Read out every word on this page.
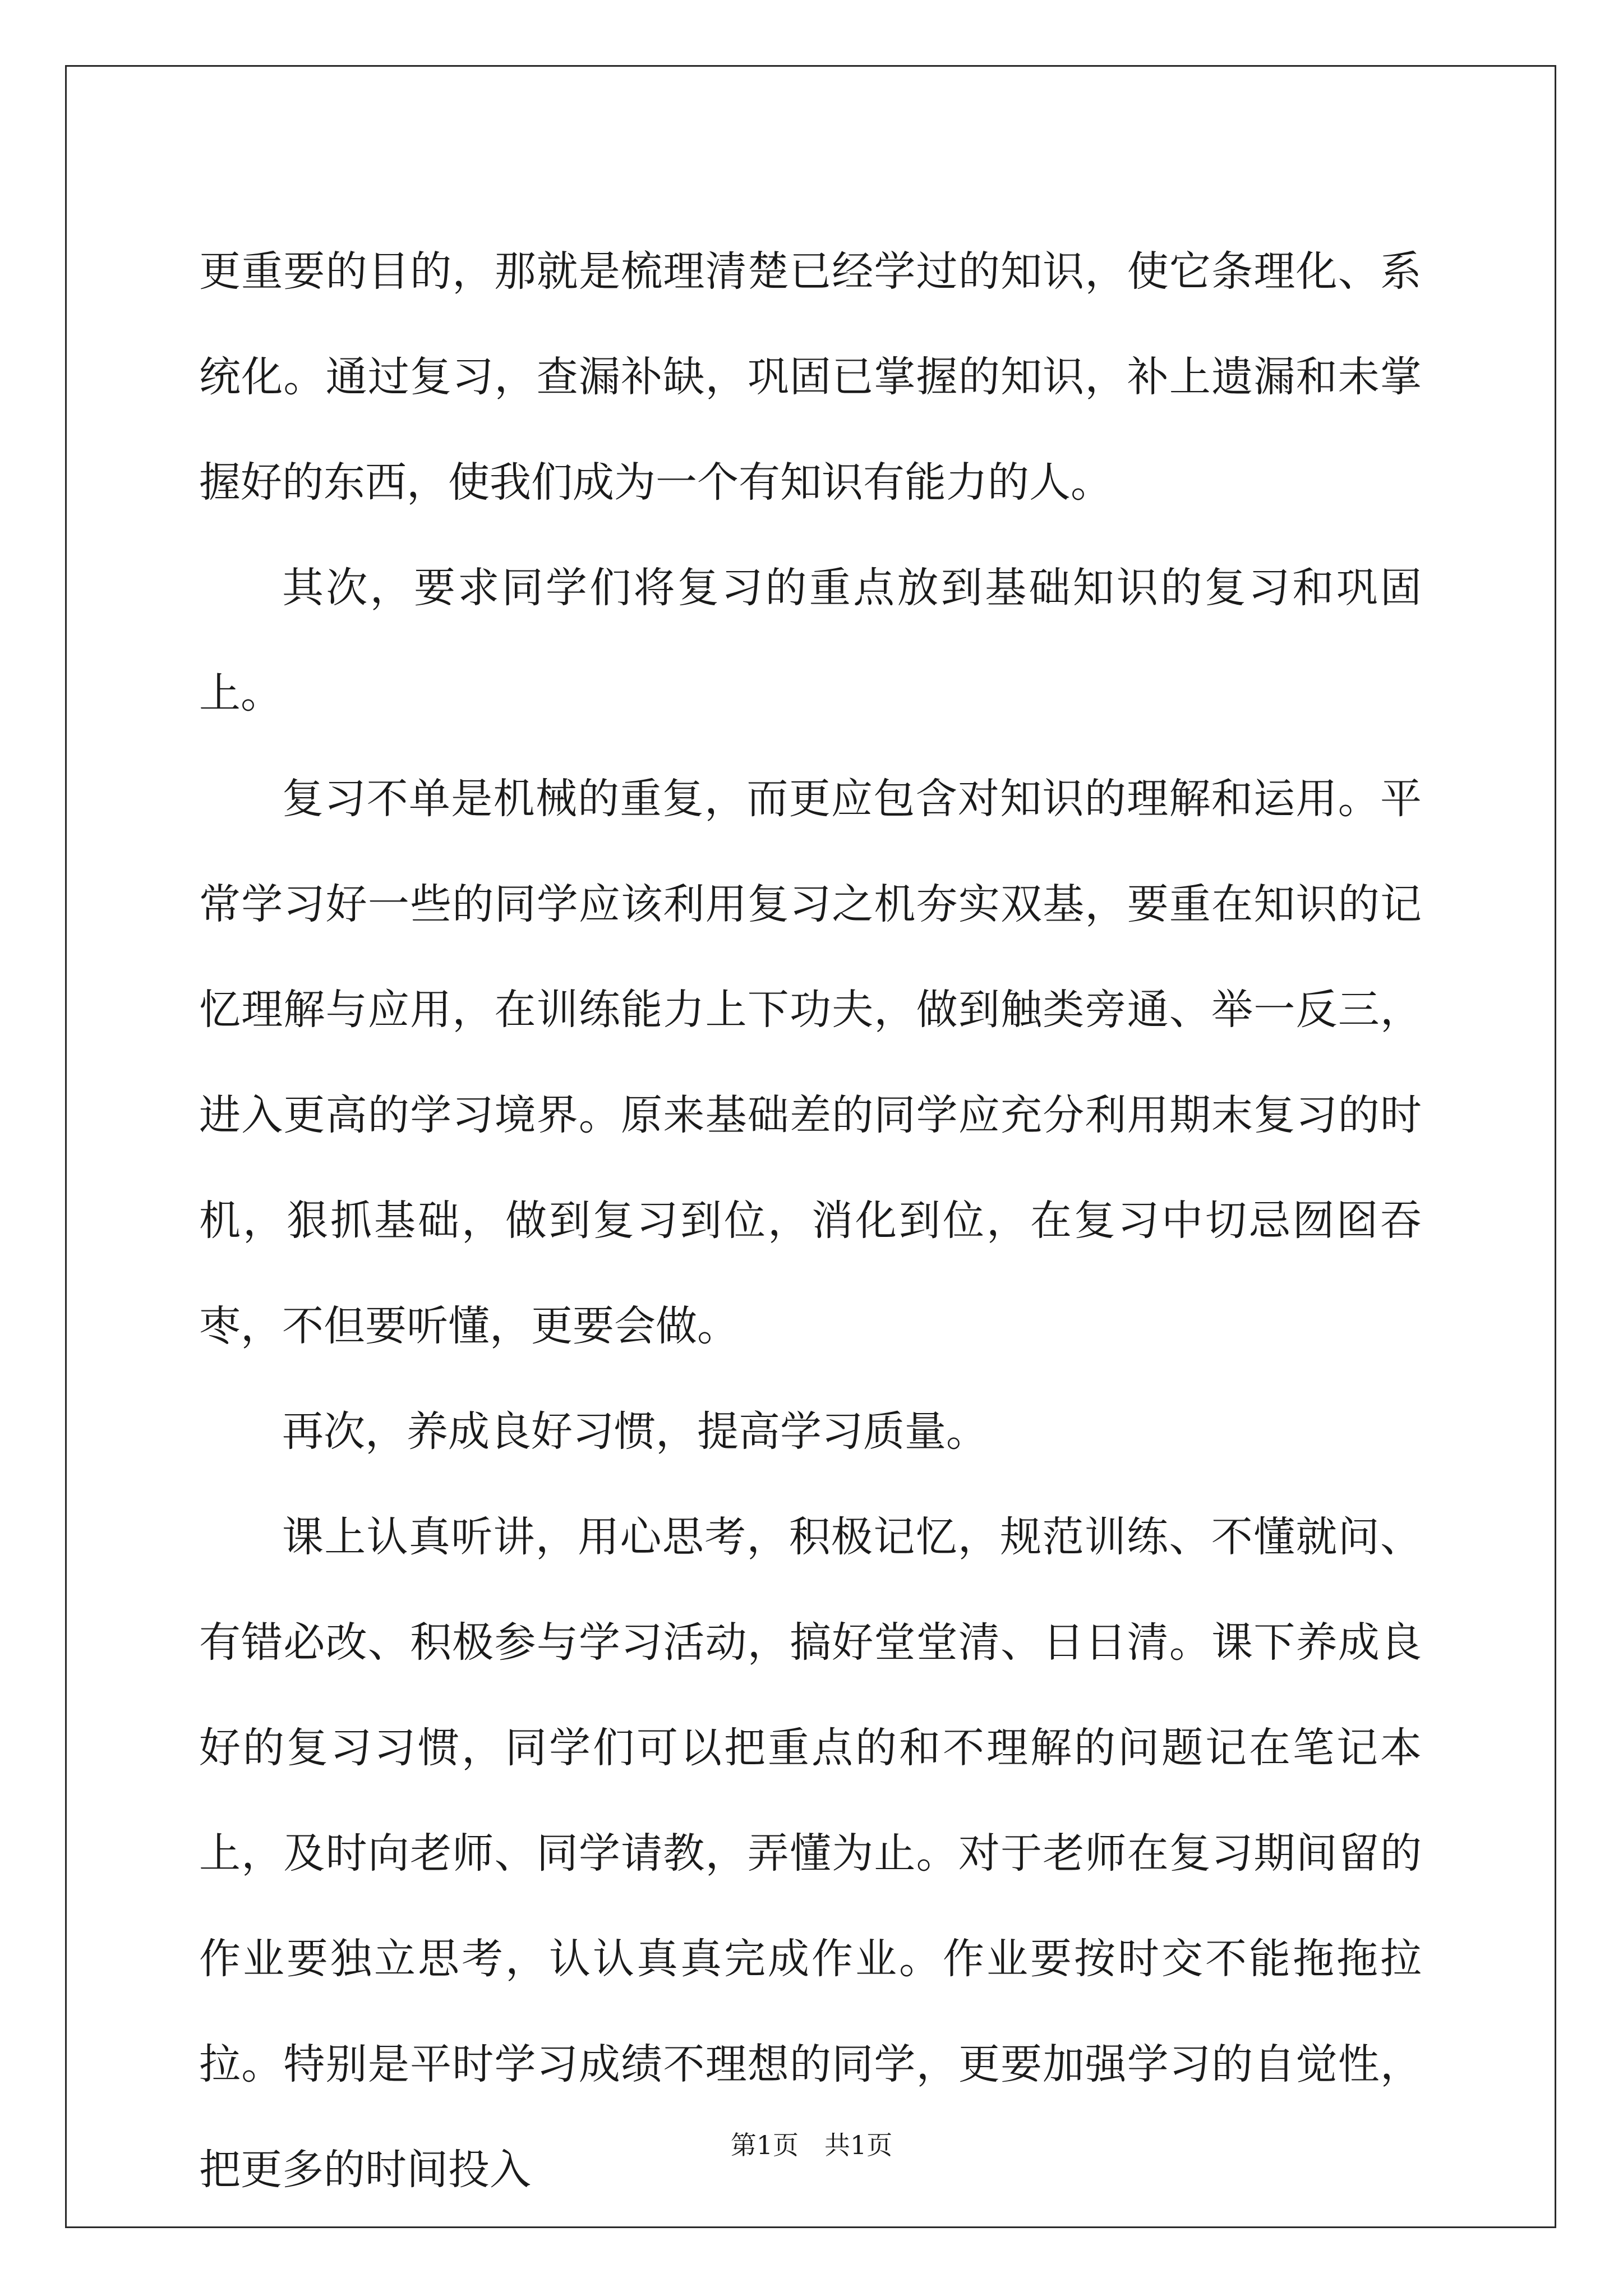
更重要的目的，那就是梳理清楚已经学过的知识，使它条理化、系统化。通过复习，查漏补缺，巩固已掌握的知识，补上遗漏和未掌握好的东西，使我们成为一个有知识有能力的人。

其次，要求同学们将复习的重点放到基础知识的复习和巩固上。

复习不单是机械的重复，而更应包含对知识的理解和运用。平常学习好一些的同学应该利用复习之机夯实双基，要重在知识的记忆理解与应用，在训练能力上下功夫，做到触类旁通、举一反三，进入更高的学习境界。原来基础差的同学应充分利用期末复习的时机，狠抓基础，做到复习到位，消化到位，在复习中切忌囫囵吞枣，不但要听懂，更要会做。

再次，养成良好习惯，提高学习质量。

课上认真听讲，用心思考，积极记忆，规范训练、不懂就问、有错必改、积极参与学习活动，搞好堂堂清、日日清。课下养成良好的复习习惯，同学们可以把重点的和不理解的问题记在笔记本上，及时向老师、同学请教，弄懂为止。对于老师在复习期间留的作业要独立思考，认认真真完成作业。作业要按时交不能拖拖拉拉。特别是平时学习成绩不理想的同学，更要加强学习的自觉性，把更多的时间投入

第1页 共1页
